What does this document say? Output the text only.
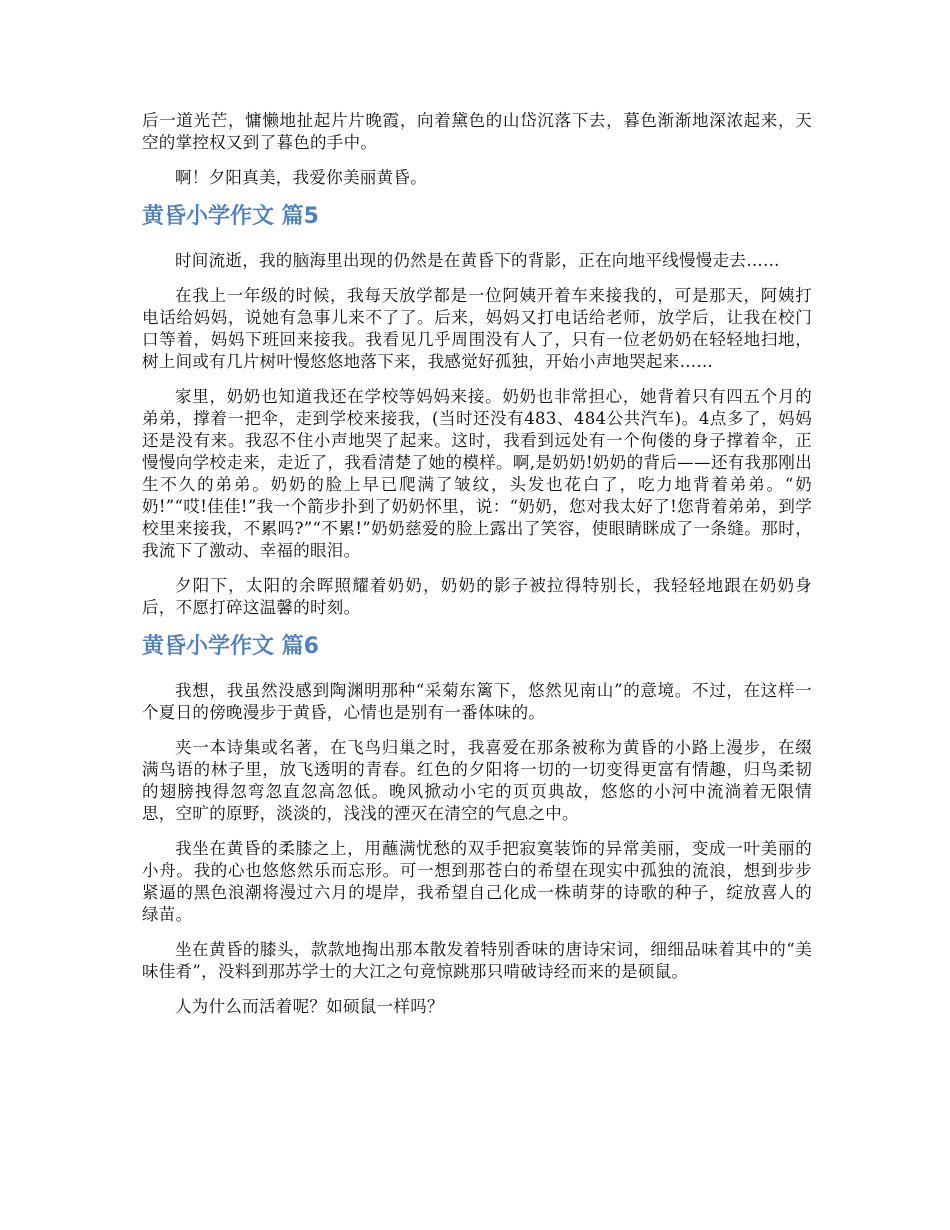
后一道光芒，慵懒地扯起片片晚霞，向着黛色的山岱沉落下去，暮色渐渐地深浓起来，天空的掌控权又到了暮色的手中。

啊！夕阳真美，我爱你美丽黄昏。

黄昏小学作文 篇5

时间流逝，我的脑海里出现的仍然是在黄昏下的背影，正在向地平线慢慢走去……

在我上一年级的时候，我每天放学都是一位阿姨开着车来接我的，可是那天，阿姨打电话给妈妈，说她有急事儿来不了了。后来，妈妈又打电话给老师，放学后，让我在校门口等着，妈妈下班回来接我。我看见几乎周围没有人了，只有一位老奶奶在轻轻地扫地，树上间或有几片树叶慢悠悠地落下来，我感觉好孤独，开始小声地哭起来……

家里，奶奶也知道我还在学校等妈妈来接。奶奶也非常担心，她背着只有四五个月的弟弟，撑着一把伞，走到学校来接我，(当时还没有483、484公共汽车)。4点多了，妈妈还是没有来。我忍不住小声地哭了起来。这时，我看到远处有一个佝偻的身子撑着伞，正慢慢向学校走来，走近了，我看清楚了她的模样。啊,是奶奶!奶奶的背后——还有我那刚出生不久的弟弟。奶奶的脸上早已爬满了皱纹，头发也花白了，吃力地背着弟弟。“奶奶!”“哎!佳佳!”我一个箭步扑到了奶奶怀里，说：“奶奶，您对我太好了!您背着弟弟，到学校里来接我，不累吗?”“不累!”奶奶慈爱的脸上露出了笑容，使眼睛眯成了一条缝。那时，我流下了激动、幸福的眼泪。

夕阳下，太阳的余晖照耀着奶奶，奶奶的影子被拉得特别长，我轻轻地跟在奶奶身后，不愿打碎这温馨的时刻。

黄昏小学作文 篇6

我想，我虽然没感到陶渊明那种“采菊东篱下，悠然见南山”的意境。不过，在这样一个夏日的傍晚漫步于黄昏，心情也是别有一番体味的。

夹一本诗集或名著，在飞鸟归巢之时，我喜爱在那条被称为黄昏的小路上漫步，在缀满鸟语的林子里，放飞透明的青春。红色的夕阳将一切的一切变得更富有情趣，归鸟柔韧的翅膀拽得忽弯忽直忽高忽低。晚风掀动小宅的页页典故，悠悠的小河中流淌着无限情思，空旷的原野，淡淡的，浅浅的湮灭在清空的气息之中。

我坐在黄昏的柔膝之上，用蘸满忧愁的双手把寂寞装饰的异常美丽，变成一叶美丽的小舟。我的心也悠悠然乐而忘形。可一想到那苍白的希望在现实中孤独的流浪，想到步步紧逼的黑色浪潮将漫过六月的堤岸，我希望自己化成一株萌芽的诗歌的种子，绽放喜人的绿苗。

坐在黄昏的膝头，款款地掏出那本散发着特别香味的唐诗宋词，细细品味着其中的“美味佳肴”，没料到那苏学士的大江之句竟惊跳那只啃破诗经而来的是硕鼠。

人为什么而活着呢？如硕鼠一样吗？
